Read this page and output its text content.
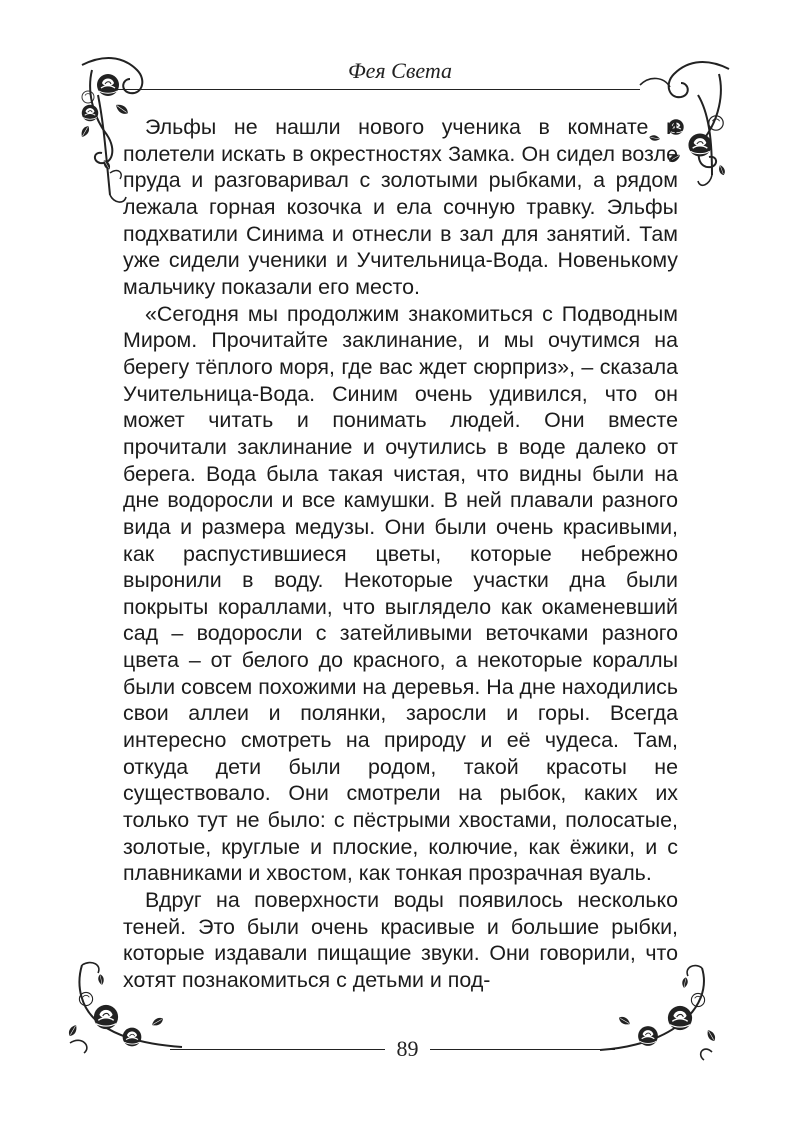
Фея Света

Эльфы не нашли нового ученика в комнате и полетели искать в окрестностях Замка. Он сидел возле пруда и разговаривал с золотыми рыбками, а рядом лежала горная козочка и ела сочную травку. Эльфы подхватили Синима и отнесли в зал для занятий. Там уже сидели ученики и Учительница-Вода. Новенькому мальчику показали его место.

«Сегодня мы продолжим знакомиться с Подводным Миром. Прочитайте заклинание, и мы очутимся на берегу тёплого моря, где вас ждет сюрприз», – сказала Учительница-Вода. Синим очень удивился, что он может читать и понимать людей. Они вместе прочитали заклинание и очутились в воде далеко от берега. Вода была такая чистая, что видны были на дне водоросли и все камушки. В ней плавали разного вида и размера медузы. Они были очень красивыми, как распустившиеся цветы, которые небрежно выронили в воду. Некоторые участки дна были покрыты кораллами, что выглядело как окаменевший сад – водоросли с затейливыми веточками разного цвета – от белого до красного, а некоторые кораллы были совсем похожими на деревья. На дне находились свои аллеи и полянки, заросли и горы. Всегда интересно смотреть на природу и её чудеса. Там, откуда дети были родом, такой красоты не существовало. Они смотрели на рыбок, каких их только тут не было: с пёстрыми хвостами, полосатые, золотые, круглые и плоские, колючие, как ёжики, и с плавниками и хвостом, как тонкая прозрачная вуаль.

Вдруг на поверхности воды появилось несколько теней. Это были очень красивые и большие рыбки, которые издавали пищащие звуки. Они говорили, что хотят познакомиться с детьми и под-

89
